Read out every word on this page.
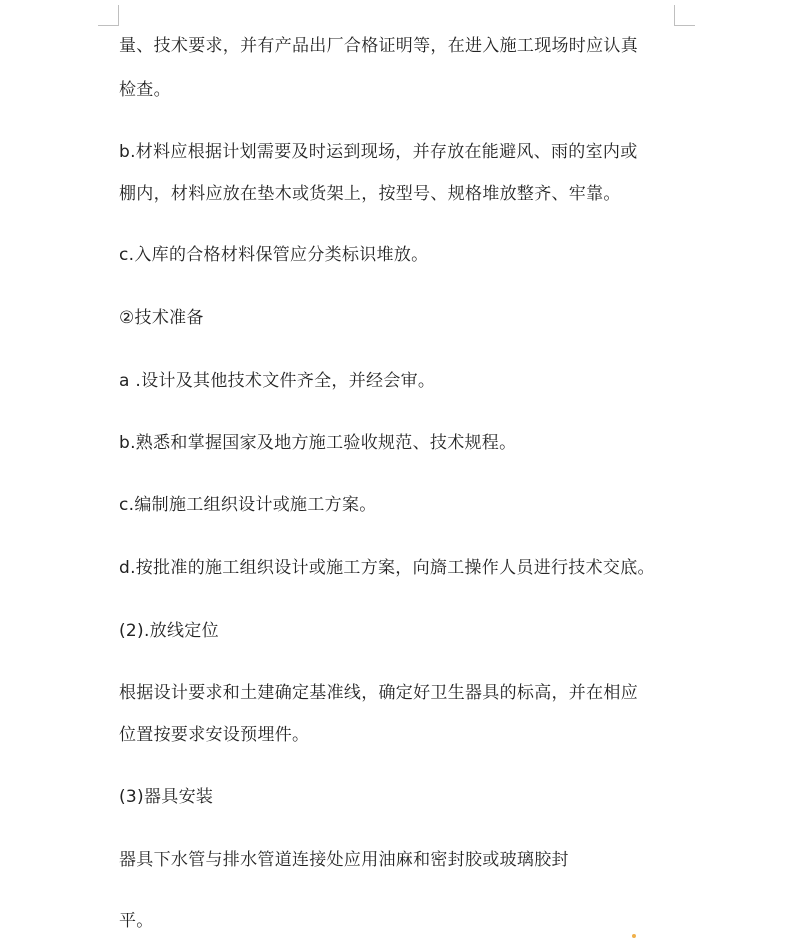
量、技术要求，并有产品出厂合格证明等，在进入施工现场时应认真
检查。
b.材料应根据计划需要及时运到现场，并存放在能避风、雨的室内或
棚内，材料应放在垫木或货架上，按型号、规格堆放整齐、牢靠。
c.入库的合格材料保管应分类标识堆放。
②技术准备
a .设计及其他技术文件齐全，并经会审。
b.熟悉和掌握国家及地方施工验收规范、技术规程。
c.编制施工组织设计或施工方案。
d.按批准的施工组织设计或施工方案，向旖工操作人员进行技术交底。
(2).放线定位
根据设计要求和土建确定基准线，确定好卫生器具的标高，并在相应
位置按要求安设预埋件。
(3)器具安装
器具下水管与排水管道连接处应用油麻和密封胶或玻璃胶封
平。
